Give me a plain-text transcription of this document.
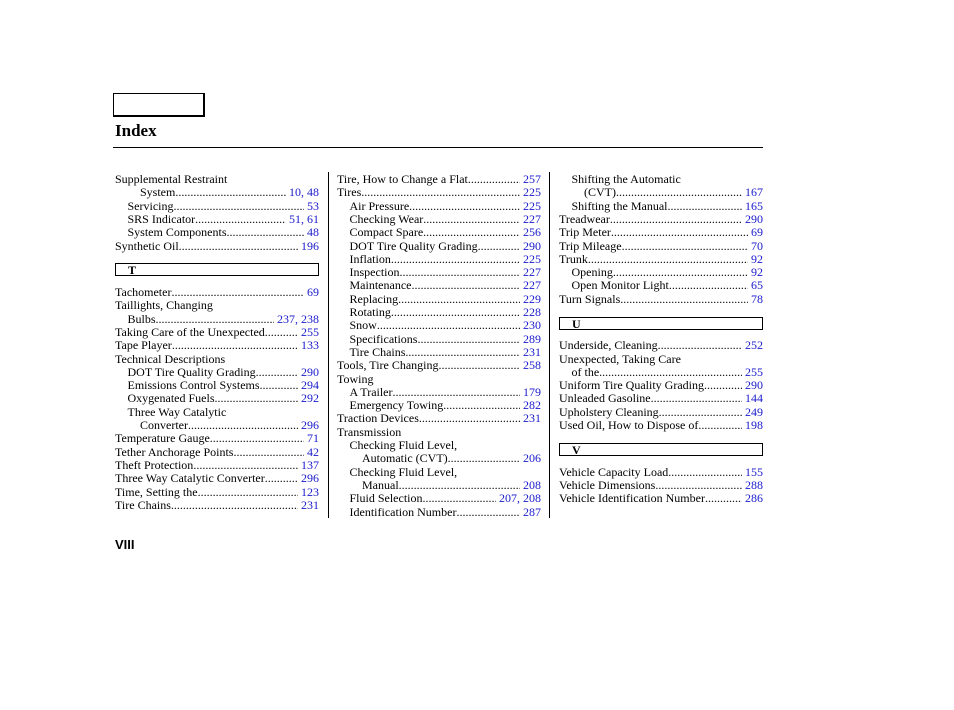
Index
Supplemental Restraint
System .....	10, 48
Servicing .....	53
SRS Indicator .....	51, 61
System Components .....	48
Synthetic Oil .....	196
T
Tachometer .....	69
Taillights, Changing
Bulbs .....	237, 238
Taking Care of the Unexpected .....	255
Tape Player .....	133
Technical Descriptions
DOT Tire Quality Grading .....	290
Emissions Control Systems .....	294
Oxygenated Fuels .....	292
Three Way Catalytic
Converter .....	296
Temperature Gauge .....	71
Tether Anchorage Points .....	42
Theft Protection .....	137
Three Way Catalytic Converter .....	296
Time, Setting the .....	123
Tire Chains .....	231
Tire, How to Change a Flat .....	257
Tires .....	225
Air Pressure .....	225
Checking Wear .....	227
Compact Spare .....	256
DOT Tire Quality Grading .....	290
Inflation .....	225
Inspection .....	227
Maintenance .....	227
Replacing .....	229
Rotating .....	228
Snow .....	230
Specifications .....	289
Tire Chains .....	231
Tools, Tire Changing .....	258
Towing
A Trailer .....	179
Emergency Towing .....	282
Traction Devices .....	231
Transmission
Checking Fluid Level,
Automatic (CVT) .....	206
Checking Fluid Level,
Manual .....	208
Fluid Selection .....	207, 208
Identification Number .....	287
Shifting the Automatic
(CVT) .....	167
Shifting the Manual .....	165
Treadwear .....	290
Trip Meter .....	69
Trip Mileage .....	70
Trunk .....	92
Opening .....	92
Open Monitor Light .....	65
Turn Signals .....	78
U
Underside, Cleaning .....	252
Unexpected, Taking Care
of the .....	255
Uniform Tire Quality Grading .....	290
Unleaded Gasoline .....	144
Upholstery Cleaning .....	249
Used Oil, How to Dispose of .....	198
V
Vehicle Capacity Load .....	155
Vehicle Dimensions .....	288
Vehicle Identification Number .....	286
VIII
